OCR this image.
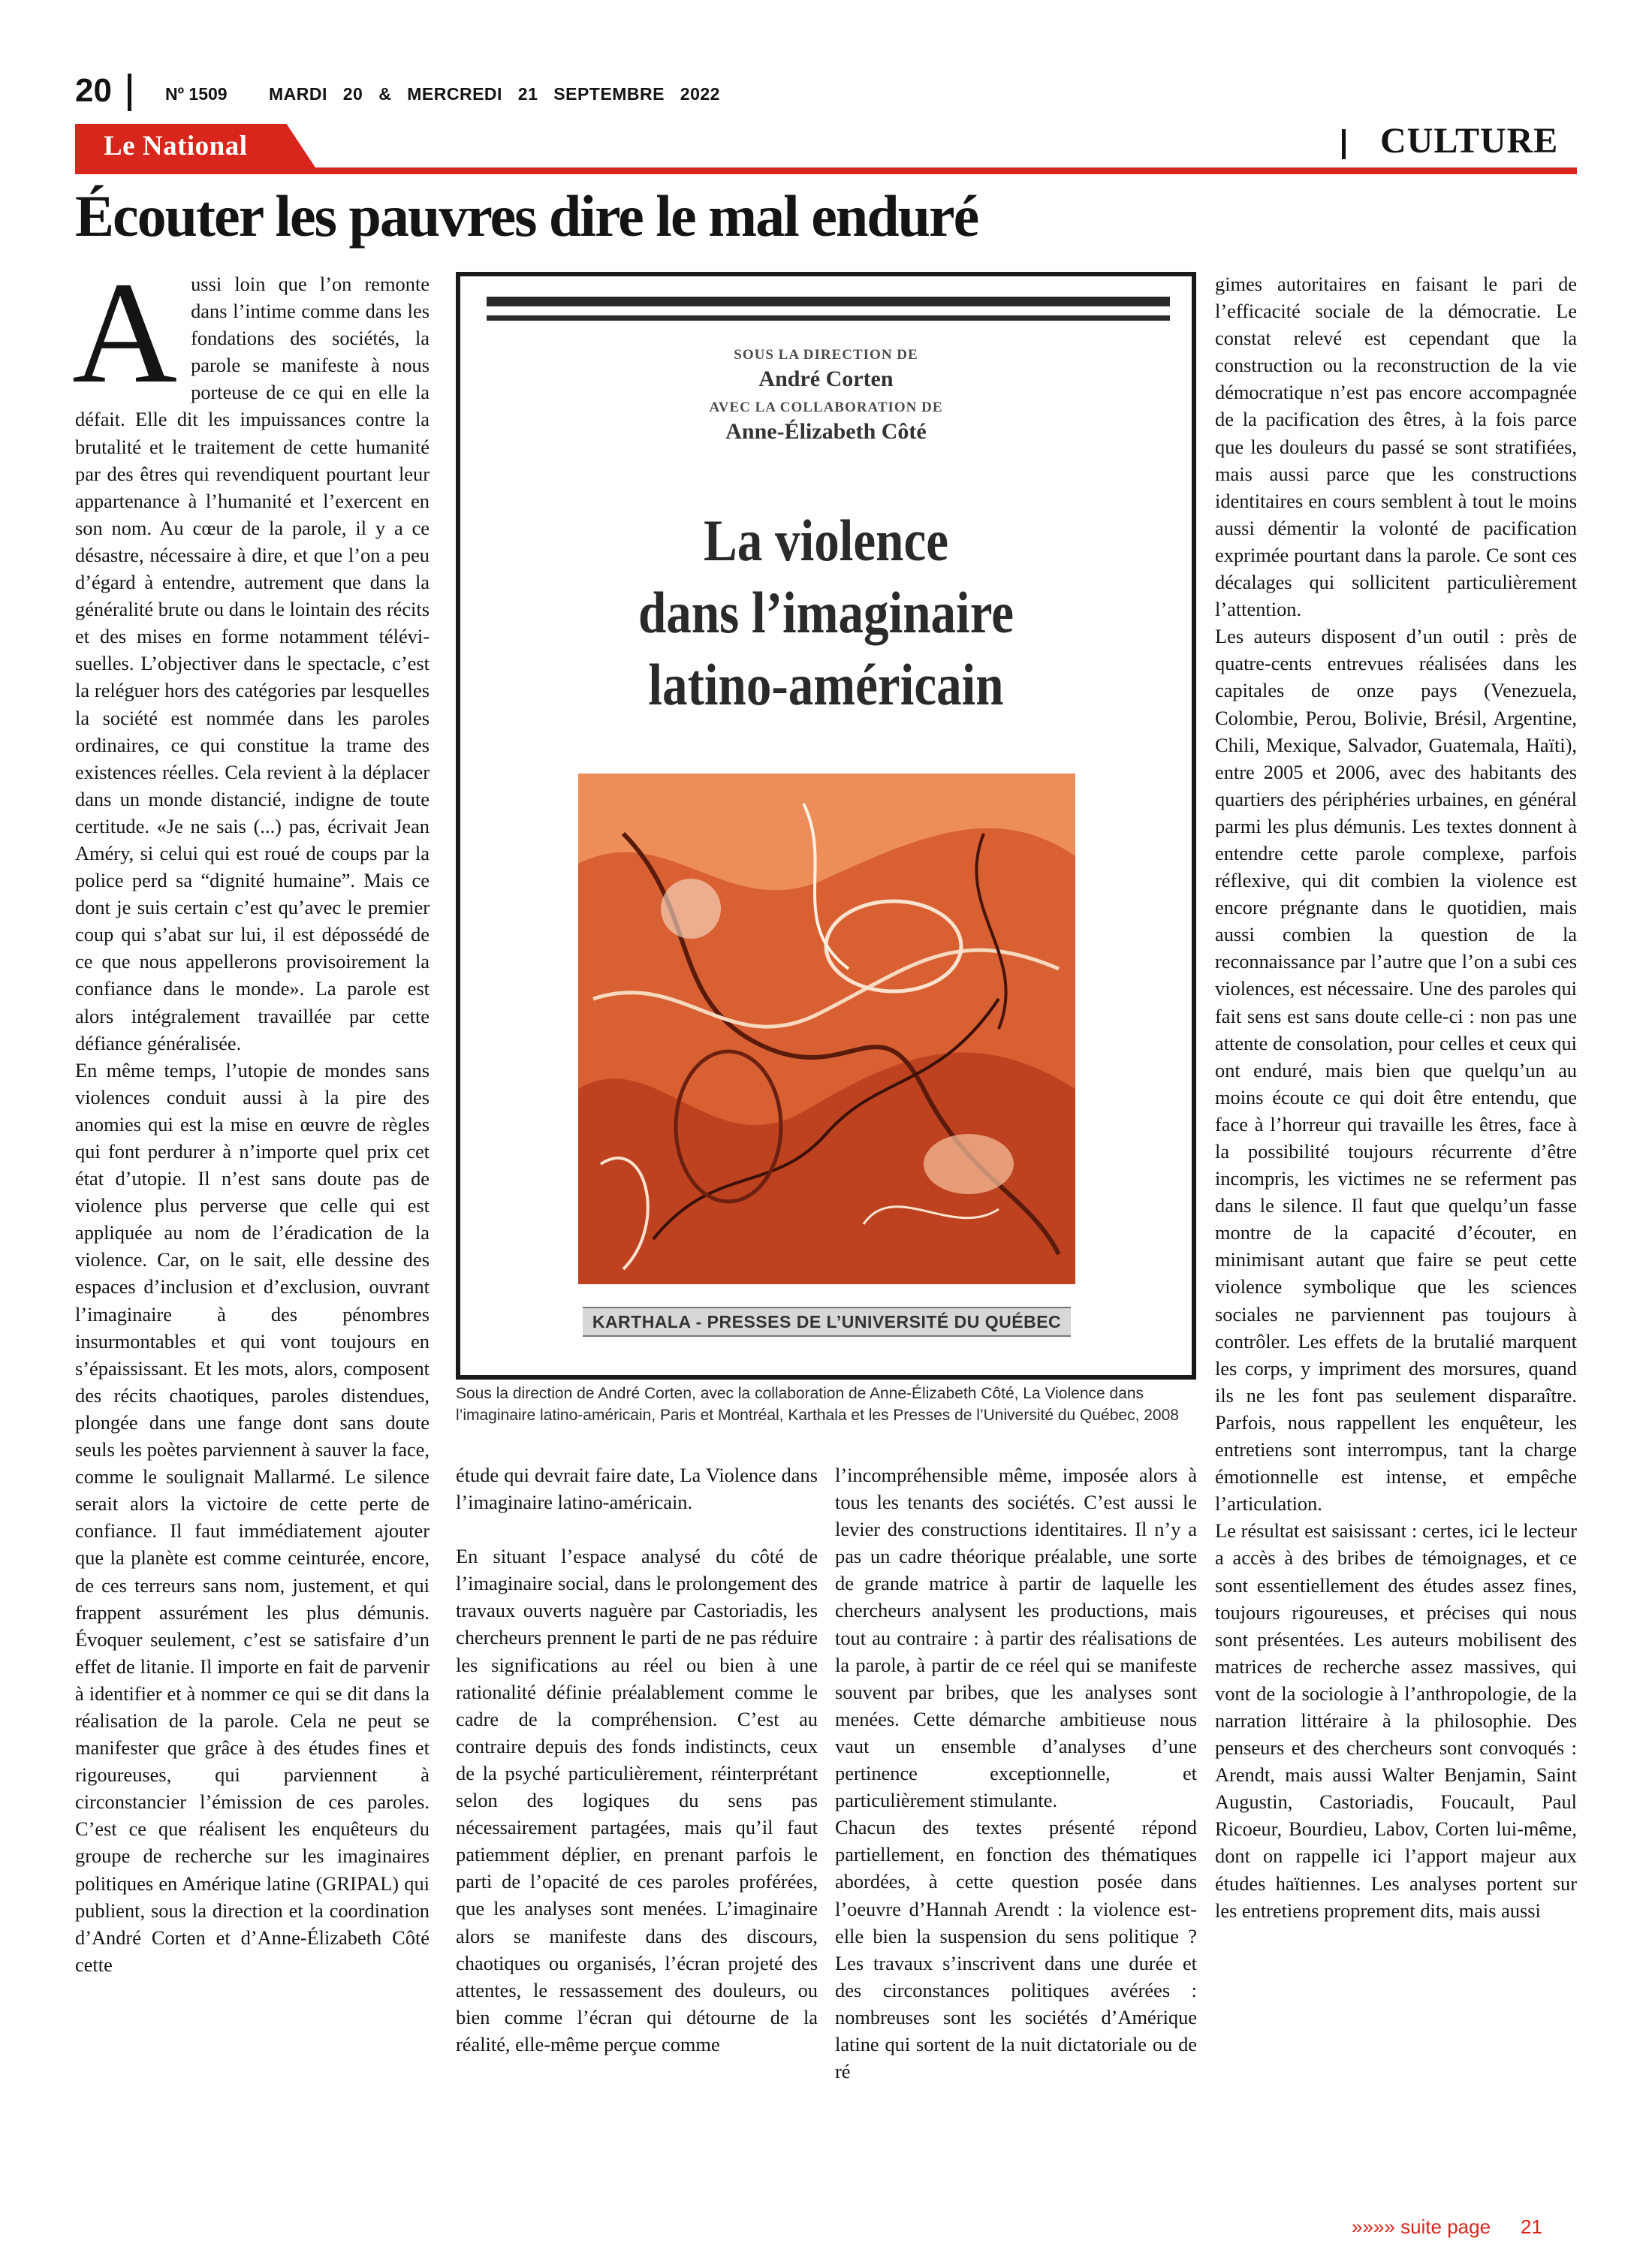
20	Nº 1509 MARDI 20 & MERCREDI 21 SEPTEMBRE 2022
Le National	CULTURE
Écouter les pauvres dire le mal enduré

Aussi loin que l’on remonte dans l’intime comme dans les fondations des sociétés, la parole se manifeste à nous porteuse de ce qui en elle la défait. Elle dit les impuissances contre la brutalité et le traitement de cette humanité par des êtres qui revendiquent pourtant leur appartenance à l’humanité et l’exercent en son nom. Au cœur de la parole, il y a ce désastre, nécessaire à dire, et que l’on a peu d’égard à entendre, autrement que dans la généralité brute ou dans le lointain des récits et des mises en forme notamment télévisuelles. L’objectiver dans le spectacle, c’est la reléguer hors des catégories par lesquelles la société est nommée dans les paroles ordinaires, ce qui constitue la trame des existences réelles. Cela revient à la déplacer dans un monde distancié, indigne de toute certitude. «Je ne sais (...) pas, écrivait Jean Améry, si celui qui est roué de coups par la police perd sa “dignité humaine”. Mais ce dont je suis certain c’est qu’avec le premier coup qui s’abat sur lui, il est dépossédé de ce que nous appellerons provisoirement la confiance dans le monde». La parole est alors intégralement travaillée par cette défiance généralisée.

En même temps, l’utopie de mondes sans violences conduit aussi à la pire des anomies qui est la mise en œuvre de règles qui font perdurer à n’importe quel prix cet état d’utopie. Il n’est sans doute pas de violence plus perverse que celle qui est appliquée au nom de l’éradication de la violence. Car, on le sait, elle dessine des espaces d’inclusion et d’exclusion, ouvrant l’imaginaire à des pénombres insurmontables et qui vont toujours en s’épaississant. Et les mots, alors, composent des récits chaotiques, paroles distendues, plongée dans une fange dont sans doute seuls les poètes parviennent à sauver la face, comme le soulignait Mallarmé. Le silence serait alors la victoire de cette perte de confiance. Il faut immédiatement ajouter que la planète est comme ceinturée, encore, de ces terreurs sans nom, justement, et qui frappent assurément les plus démunis. Évoquer seulement, c’est se satisfaire d’un effet de litanie. Il importe en fait de parvenir à identifier et à nommer ce qui se dit dans la réalisation de la parole. Cela ne peut se manifester que grâce à des études fines et rigoureuses, qui parviennent à circonstancier l’émission de ces paroles. C’est ce que réalisent les enquêteurs du groupe de recherche sur les imaginaires politiques en Amérique latine (GRIPAL) qui publient, sous la direction et la coordination d’André Corten et d’Anne-Élizabeth Côté cette

SOUS LA DIRECTION DE
André Corten
AVEC LA COLLABORATION DE
Anne-Élizabeth Côté
La violence
dans l’imaginaire
latino-américain
KARTHALA - PRESSES DE L’UNIVERSITÉ DU QUÉBEC
Sous la direction de André Corten, avec la collaboration de Anne-Élizabeth Côté, La Violence dans l’imaginaire latino-américain, Paris et Montréal, Karthala et les Presses de l’Université du Québec, 2008

étude qui devrait faire date, La Violence dans l’imaginaire latino-américain.

En situant l’espace analysé du côté de l’imaginaire social, dans le prolongement des travaux ouverts naguère par Castoriadis, les chercheurs prennent le parti de ne pas réduire les significations au réel ou bien à une rationalité définie préalablement comme le cadre de la compréhension. C’est au contraire depuis des fonds indistincts, ceux de la psyché particulièrement, réinterprétant selon des logiques du sens pas nécessairement partagées, mais qu’il faut patiemment déplier, en prenant parfois le parti de l’opacité de ces paroles proférées, que les analyses sont menées. L’imaginaire alors se manifeste dans des discours, chaotiques ou organisés, l’écran projeté des attentes, le ressassement des douleurs, ou bien comme l’écran qui détourne de la réalité, elle-même perçue comme

l’incompréhensible même, imposée alors à tous les tenants des sociétés. C’est aussi le levier des constructions identitaires. Il n’y a pas un cadre théorique préalable, une sorte de grande matrice à partir de laquelle les chercheurs analysent les productions, mais tout au contraire : à partir des réalisations de la parole, à partir de ce réel qui se manifeste souvent par bribes, que les analyses sont menées. Cette démarche ambitieuse nous vaut un ensemble d’analyses d’une pertinence exceptionnelle, et particulièrement stimulante.

Chacun des textes présenté répond partiellement, en fonction des thématiques abordées, à cette question posée dans l’oeuvre d’Hannah Arendt : la violence est-elle bien la suspension du sens politique ? Les travaux s’inscrivent dans une durée et des circonstances politiques avérées : nombreuses sont les sociétés d’Amérique latine qui sortent de la nuit dictatoriale ou de ré

gimes autoritaires en faisant le pari de l’efficacité sociale de la démocratie. Le constat relevé est cependant que la construction ou la reconstruction de la vie démocratique n’est pas encore accompagnée de la pacification des êtres, à la fois parce que les douleurs du passé se sont stratifiées, mais aussi parce que les constructions identitaires en cours semblent à tout le moins aussi démentir la volonté de pacification exprimée pourtant dans la parole. Ce sont ces décalages qui sollicitent particulièrement l’attention.

Les auteurs disposent d’un outil : près de quatre-cents entrevues réalisées dans les capitales de onze pays (Venezuela, Colombie, Perou, Bolivie, Brésil, Argentine, Chili, Mexique, Salvador, Guatemala, Haïti), entre 2005 et 2006, avec des habitants des quartiers des périphéries urbaines, en général parmi les plus démunis. Les textes donnent à entendre cette parole complexe, parfois réflexive, qui dit combien la violence est encore prégnante dans le quotidien, mais aussi combien la question de la reconnaissance par l’autre que l’on a subi ces violences, est nécessaire. Une des paroles qui fait sens est sans doute celle-ci : non pas une attente de consolation, pour celles et ceux qui ont enduré, mais bien que quelqu’un au moins écoute ce qui doit être entendu, que face à l’horreur qui travaille les êtres, face à la possibilité toujours récurrente d’être incompris, les victimes ne se referment pas dans le silence. Il faut que quelqu’un fasse montre de la capacité d’écouter, en minimisant autant que faire se peut cette violence symbolique que les sciences sociales ne parviennent pas toujours à contrôler. Les effets de la brutalié marquent les corps, y impriment des morsures, quand ils ne les font pas seulement disparaître. Parfois, nous rappellent les enquêteur, les entretiens sont interrompus, tant la charge émotionnelle est intense, et empêche l’articulation.

Le résultat est saisissant : certes, ici le lecteur a accès à des bribes de témoignages, et ce sont essentiellement des études assez fines, toujours rigoureuses, et précises qui nous sont présentées. Les auteurs mobilisent des matrices de recherche assez massives, qui vont de la sociologie à l’anthropologie, de la narration littéraire à la philosophie. Des penseurs et des chercheurs sont convoqués : Arendt, mais aussi Walter Benjamin, Saint Augustin, Castoriadis, Foucault, Paul Ricoeur, Bourdieu, Labov, Corten lui-même, dont on rappelle ici l’apport majeur aux études haïtiennes. Les analyses portent sur les entretiens proprement dits, mais aussi

»»»» suite page 21
